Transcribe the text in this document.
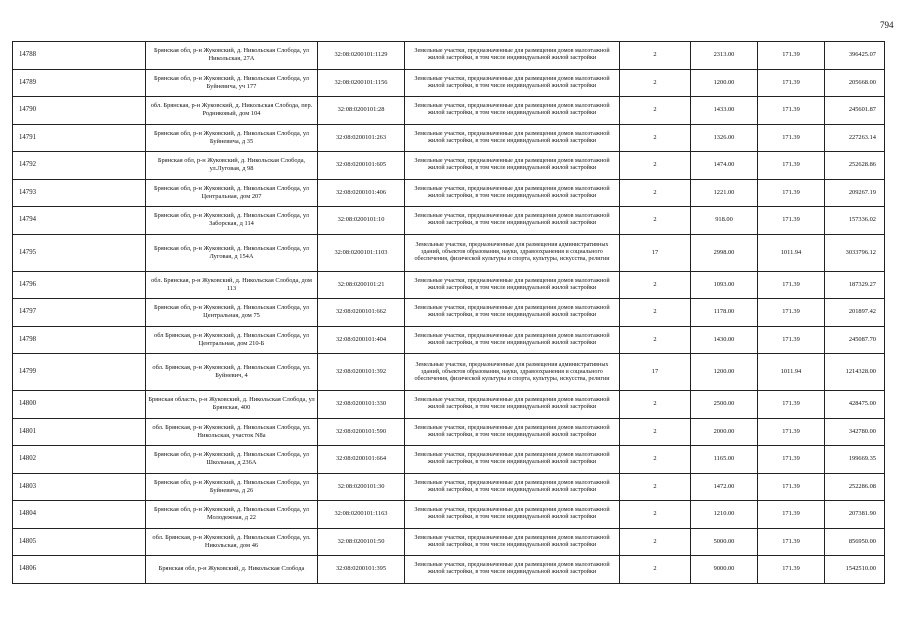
794
14788	Брянская обл, р-н Жуковский, д. Никольская Слобода, ул Никольская, 27А	32:08:0200101:1129	Земельные участки, предназначенные для размещения домов малоэтажной жилой застройки, в том числе индивидуальной жилой застройки	2	2313.00	171.39	396425.07
14789	Брянская обл, р-н Жуковский, д. Никольская Слобода, ул Буйневича, уч 177	32:08:0200101:1156	Земельные участки, предназначенные для размещения домов малоэтажной жилой застройки, в том числе индивидуальной жилой застройки	2	1200.00	171.39	205668.00
14790	обл. Брянская, р-н Жуковский, д. Никольская Слобода, пер. Родниковый, дом 104	32:08:0200101:28	Земельные участки, предназначенные для размещения домов малоэтажной жилой застройки, в том числе индивидуальной жилой застройки	2	1433.00	171.39	245601.87
14791	Брянская обл, р-н Жуковский, д. Никольская Слобода, ул Буйневича, д 35	32:08:0200101:263	Земельные участки, предназначенные для размещения домов малоэтажной жилой застройки, в том числе индивидуальной жилой застройки	2	1326.00	171.39	227263.14
14792	Брянская обл, р-н Жуковский, д. Никольская Слобода, ул.Луговая, д 98	32:08:0200101:605	Земельные участки, предназначенные для размещения домов малоэтажной жилой застройки, в том числе индивидуальной жилой застройки	2	1474.00	171.39	252628.86
14793	Брянская обл, р-н Жуковский, д. Никольская Слобода, ул Центральная, дом 207	32:08:0200101:406	Земельные участки, предназначенные для размещения домов малоэтажной жилой застройки, в том числе индивидуальной жилой застройки	2	1221.00	171.39	209267.19
14794	Брянская обл, р-н Жуковский, д. Никольская Слобода, ул Заборская, д 114	32:08:0200101:10	Земельные участки, предназначенные для размещения домов малоэтажной жилой застройки, в том числе индивидуальной жилой застройки	2	918.00	171.39	157336.02
14795	Брянская обл, р-н Жуковский, д. Никольская Слобода, ул Луговая, д 154А	32:08:0200101:1103	Земельные участки, предназначенные для размещения административных зданий, объектов образования, науки, здравоохранения и социального обеспечения, физической культуры и спорта, культуры, искусства, религии	17	2998.00	1011.94	3033796.12
14796	обл. Брянская, р-н Жуковский, д. Никольская Слобода, дом 113	32:08:0200101:21	Земельные участки, предназначенные для размещения домов малоэтажной жилой застройки, в том числе индивидуальной жилой застройки	2	1093.00	171.39	187329.27
14797	Брянская обл, р-н Жуковский, д. Никольская Слобода, ул Центральная, дом 75	32:08:0200101:662	Земельные участки, предназначенные для размещения домов малоэтажной жилой застройки, в том числе индивидуальной жилой застройки	2	1178.00	171.39	201897.42
14798	обл Брянская, р-н Жуковский, д. Никольская Слобода, ул Центральная, дом 210-Б	32:08:0200101:404	Земельные участки, предназначенные для размещения домов малоэтажной жилой застройки, в том числе индивидуальной жилой застройки	2	1430.00	171.39	245087.70
14799	обл. Брянская, р-н Жуковский, д. Никольская Слобода, ул. Буйневич, 4	32:08:0200101:392	Земельные участки, предназначенные для размещения административных зданий, объектов образования, науки, здравоохранения и социального обеспечения, физической культуры и спорта, культуры, искусства, религии	17	1200.00	1011.94	1214328.00
14800	Брянская область, р-н Жуковский, д. Никольская Слобода, ул Брянская, 400	32:08:0200101:330	Земельные участки, предназначенные для размещения домов малоэтажной жилой застройки, в том числе индивидуальной жилой застройки	2	2500.00	171.39	428475.00
14801	обл. Брянская, р-н Жуковский, д. Никольская Слобода, ул. Никольская, участок N8а	32:08:0200101:590	Земельные участки, предназначенные для размещения домов малоэтажной жилой застройки, в том числе индивидуальной жилой застройки	2	2000.00	171.39	342780.00
14802	Брянская обл, р-н Жуковский, д. Никольская Слобода, ул Школьная, д 236А	32:08:0200101:664	Земельные участки, предназначенные для размещения домов малоэтажной жилой застройки, в том числе индивидуальной жилой застройки	2	1165.00	171.39	199669.35
14803	Брянская обл, р-н Жуковский, д. Никольская Слобода, ул Буйневича, д 26	32:08:0200101:30	Земельные участки, предназначенные для размещения домов малоэтажной жилой застройки, в том числе индивидуальной жилой застройки	2	1472.00	171.39	252286.08
14804	Брянская обл, р-н Жуковский, д. Никольская Слобода, ул Молодежная, д 22	32:08:0200101:1163	Земельные участки, предназначенные для размещения домов малоэтажной жилой застройки, в том числе индивидуальной жилой застройки	2	1210.00	171.39	207381.90
14805	обл. Брянская, р-н Жуковский, д. Никольская Слобода, ул. Никольская, дом 46	32:08:0200101:50	Земельные участки, предназначенные для размещения домов малоэтажной жилой застройки, в том числе индивидуальной жилой застройки	2	5000.00	171.39	856950.00
14806	Брянская обл, р-н Жуковский, д. Никольская Слобода	32:08:0200101:395	Земельные участки, предназначенные для размещения домов малоэтажной жилой застройки, в том числе индивидуальной жилой застройки	2	9000.00	171.39	1542510.00
